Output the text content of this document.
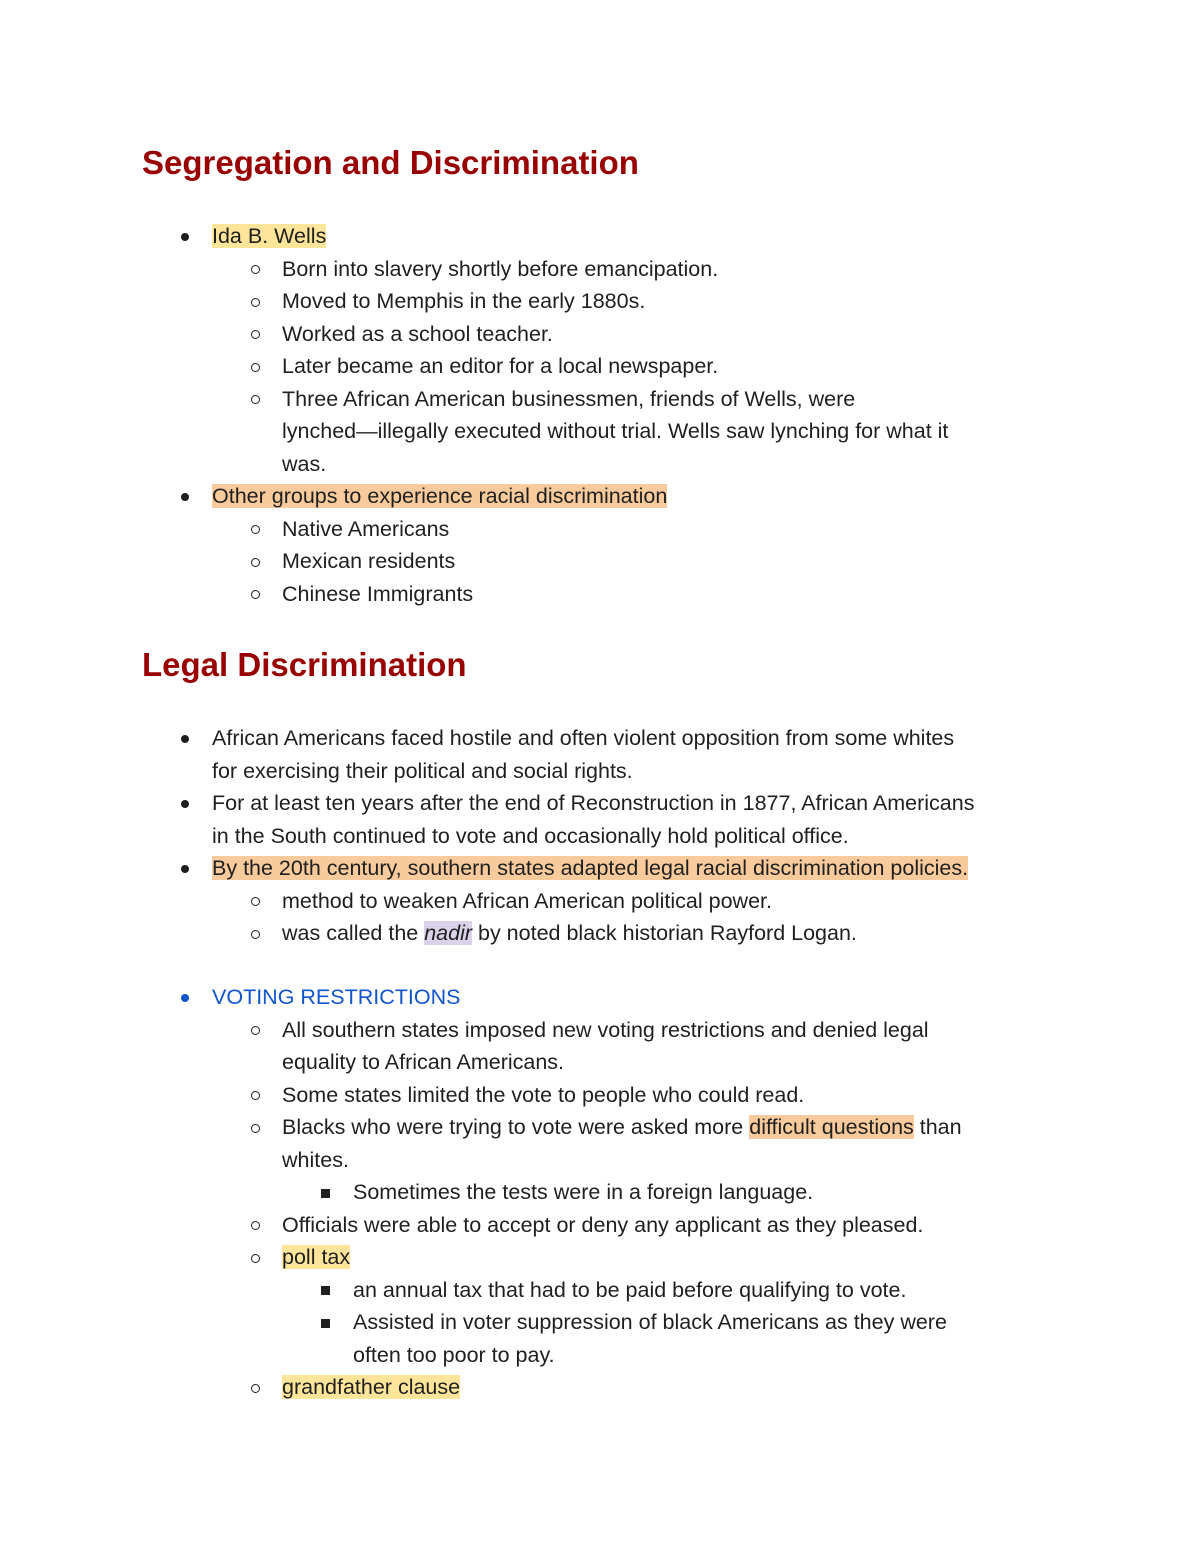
Segregation and Discrimination
Ida B. Wells
Born into slavery shortly before emancipation.
Moved to Memphis in the early 1880s.
Worked as a school teacher.
Later became an editor for a local newspaper.
Three African American businessmen, friends of Wells, were
lynched—illegally executed without trial. Wells saw lynching for what it
was.
Other groups to experience racial discrimination
Native Americans
Mexican residents
Chinese Immigrants
Legal Discrimination
African Americans faced hostile and often violent opposition from some whites
for exercising their political and social rights.
For at least ten years after the end of Reconstruction in 1877, African Americans
in the South continued to vote and occasionally hold political office.
By the 20th century, southern states adapted legal racial discrimination policies.
method to weaken African American political power.
was called the nadir by noted black historian Rayford Logan.
VOTING RESTRICTIONS
All southern states imposed new voting restrictions and denied legal
equality to African Americans.
Some states limited the vote to people who could read.
Blacks who were trying to vote were asked more difficult questions than
whites.
Sometimes the tests were in a foreign language.
Officials were able to accept or deny any applicant as they pleased.
poll tax
an annual tax that had to be paid before qualifying to vote.
Assisted in voter suppression of black Americans as they were
often too poor to pay.
grandfather clause
